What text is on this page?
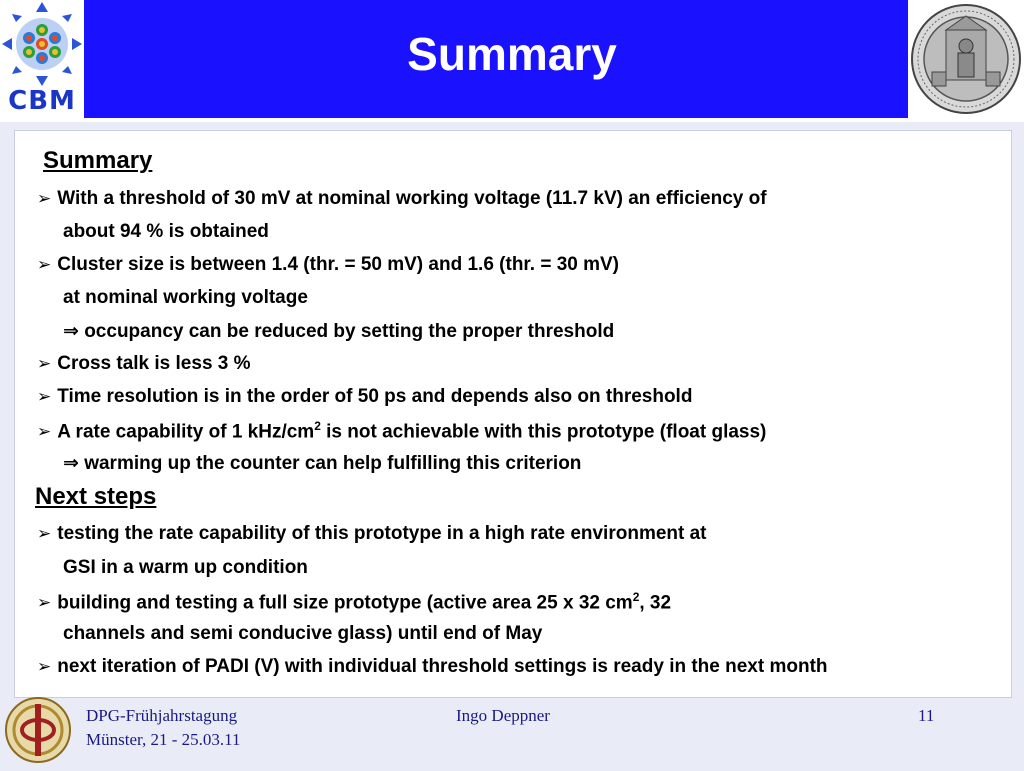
CBM
Summary
Summary
➢ With a threshold of 30 mV at nominal working voltage (11.7 kV) an efficiency of
about 94 % is obtained
➢ Cluster size is between 1.4 (thr. = 50 mV) and 1.6 (thr. = 30 mV)
at nominal working voltage
⇒ occupancy can be reduced by setting the proper threshold
➢ Cross talk is less 3 %
➢ Time resolution is in the order of 50 ps and depends also on threshold
➢ A rate capability of 1 kHz/$cm^2$ is not achievable with this prototype (float glass)
⇒ warming up the counter can help fulfilling this criterion
Next steps
➢ testing the rate capability of this prototype in a high rate environment at
GSI in a warm up condition
➢ building and testing a full size prototype (active area 25 x 32 $cm^2$, 32
channels and semi conducive glass) until end of May
➢ next iteration of PADI (V) with individual threshold settings is ready in the next month
DPG-Frühjahrstagung
Münster, 21 - 25.03.11
Ingo Deppner	11
